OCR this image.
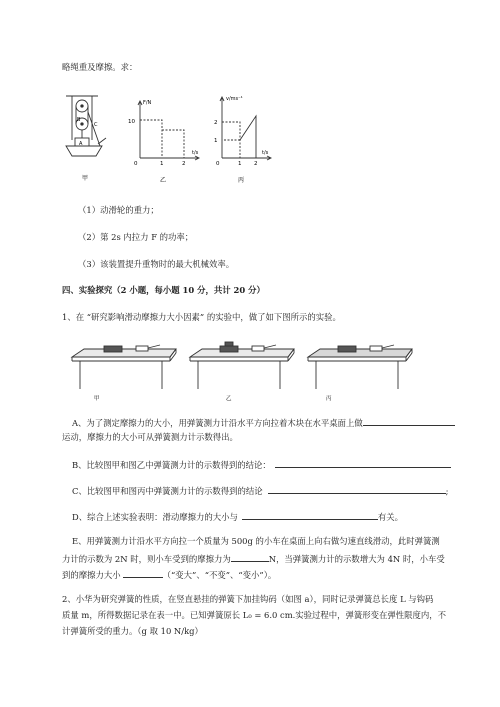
略绳重及摩擦。求：
B
C
A
甲
F/N
t/s
10
0	1	2
乙
v/ms⁻¹
t/s
2
1
0	1 2
丙
（1）动滑轮的重力；
（2）第 2s 内拉力 F 的功率；
（3）该装置提升重物时的最大机械效率。
四、实验探究（2 小题，每小题 10 分，共计 20 分）
1、在 “研究影响滑动摩擦力大小因素” 的实验中，做了如下图所示的实验。
甲	乙	丙
A、为了测定摩擦力的大小，用弹簧测力计沿水平方向拉着木块在水平桌面上做
运动，摩擦力的大小可从弹簧测力计示数得出。
B、比较图甲和图乙中弹簧测力计的示数得到的结论：
C、比较图甲和图丙中弹簧测力计的示数得到的结论	;
D、综合上述实验表明：滑动摩擦力的大小与	有关。
E、用弹簧测力计沿水平方向拉一个质量为 500g 的小车在桌面上向右做匀速直线滑动，此时弹簧测
力计的示数为 2N 时，则小车受到的摩擦力为	N，当弹簧测力计的示数增大为 4N 时，小车受
到的摩擦力大小	（“变大”、“不变”、“变小”）。
2、小华为研究弹簧的性质，在竖直悬挂的弹簧下加挂钩码（如图 a），同时记录弹簧总长度 L 与钩码
质量 m，所得数据记录在表一中。已知弹簧原长 L₀ = 6.0 cm.实验过程中，弹簧形变在弹性限度内，不
计弹簧所受的重力。（g 取 10 N/kg）
